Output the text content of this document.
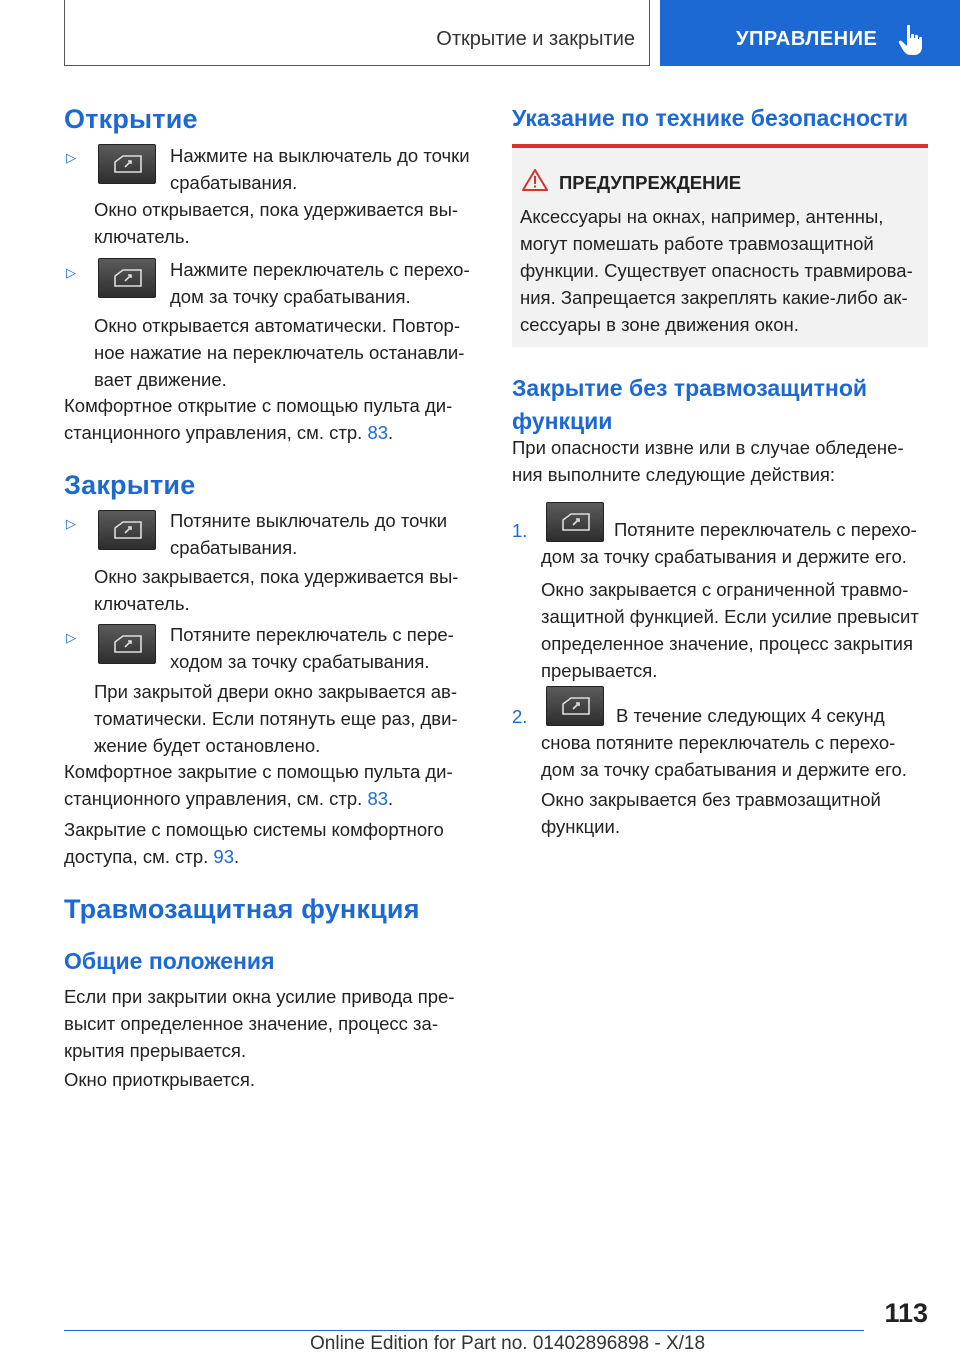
Открытие и закрытие	УПРАВЛЕНИЕ
Открытие
▷	Нажмите на выключатель до точки
срабатывания.
Окно открывается, пока удерживается вы-
ключатель.
▷	Нажмите переключатель с перехо-
дом за точку срабатывания.
Окно открывается автоматически. Повтор-
ное нажатие на переключатель останавли-
вает движение.
Комфортное открытие с помощью пульта ди-
станционного управления, см. стр. 83.
Закрытие
▷	Потяните выключатель до точки
срабатывания.
Окно закрывается, пока удерживается вы-
ключатель.
▷	Потяните переключатель с пере-
ходом за точку срабатывания.
При закрытой двери окно закрывается ав-
томатически. Если потянуть еще раз, дви-
жение будет остановлено.
Комфортное закрытие с помощью пульта ди-
станционного управления, см. стр. 83.
Закрытие с помощью системы комфортного
доступа, см. стр. 93.
Травмозащитная функция
Общие положения
Если при закрытии окна усилие привода пре-
высит определенное значение, процесс за-
крытия прерывается.
Окно приоткрывается.
Указание по технике безопасности
ПРЕДУПРЕЖДЕНИЕ
Аксессуары на окнах, например, антенны,
могут помешать работе травмозащитной
функции. Существует опасность травмирова-
ния. Запрещается закреплять какие-либо ак-
сессуары в зоне движения окон.
Закрытие без травмозащитной
функции
При опасности извне или в случае обледене-
ния выполните следующие действия:
1.	Потяните переключатель с перехо-
дом за точку срабатывания и держите его.
Окно закрывается с ограниченной травмо-
защитной функцией. Если усилие превысит
определенное значение, процесс закрытия
прерывается.
2.	В течение следующих 4 секунд
снова потяните переключатель с перехо-
дом за точку срабатывания и держите его.
Окно закрывается без травмозащитной
функции.
113
Online Edition for Part no. 01402896898 - X/18
